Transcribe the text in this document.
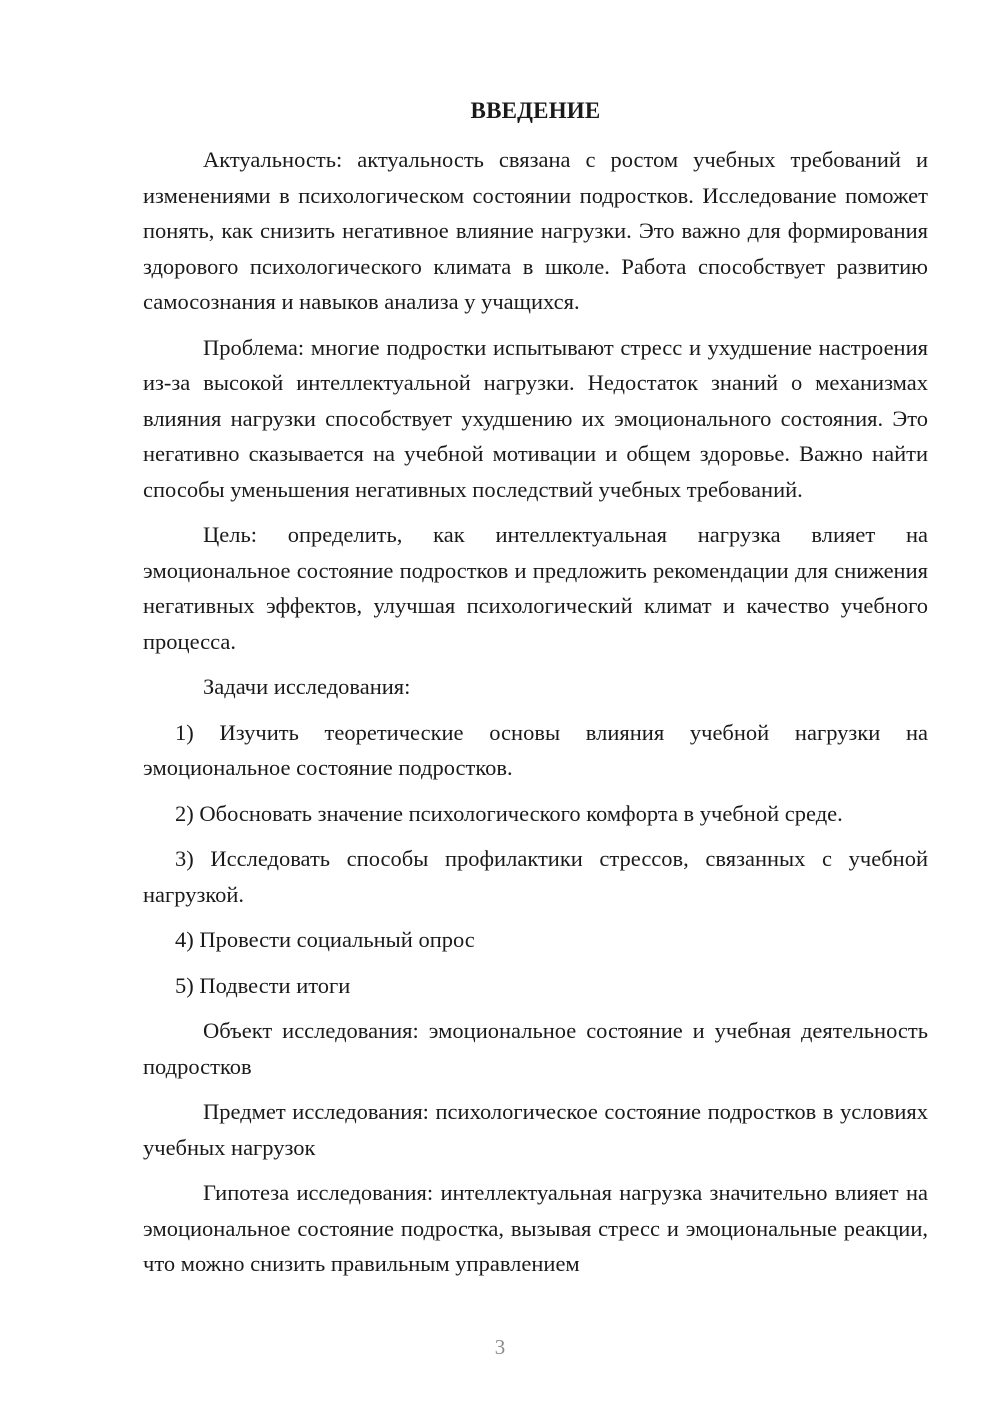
ВВЕДЕНИЕ

Актуальность: актуальность связана с ростом учебных требований и изменениями в психологическом состоянии подростков. Исследование поможет понять, как снизить негативное влияние нагрузки. Это важно для формирования здорового психологического климата в школе. Работа способствует развитию самосознания и навыков анализа у учащихся.

Проблема: многие подростки испытывают стресс и ухудшение настроения из-за высокой интеллектуальной нагрузки. Недостаток знаний о механизмах влияния нагрузки способствует ухудшению их эмоционального состояния. Это негативно сказывается на учебной мотивации и общем здоровье. Важно найти способы уменьшения негативных последствий учебных требований.

Цель: определить, как интеллектуальная нагрузка влияет на эмоциональное состояние подростков и предложить рекомендации для снижения негативных эффектов, улучшая психологический климат и качество учебного процесса.

Задачи исследования:

1) Изучить теоретические основы влияния учебной нагрузки на эмоциональное состояние подростков.

2) Обосновать значение психологического комфорта в учебной среде.

3) Исследовать способы профилактики стрессов, связанных с учебной нагрузкой.

4) Провести социальный опрос

5) Подвести итоги

Объект исследования: эмоциональное состояние и учебная деятельность подростков

Предмет исследования: психологическое состояние подростков в условиях учебных нагрузок

Гипотеза исследования: интеллектуальная нагрузка значительно влияет на эмоциональное состояние подростка, вызывая стресс и эмоциональные реакции, что можно снизить правильным управлением

3
